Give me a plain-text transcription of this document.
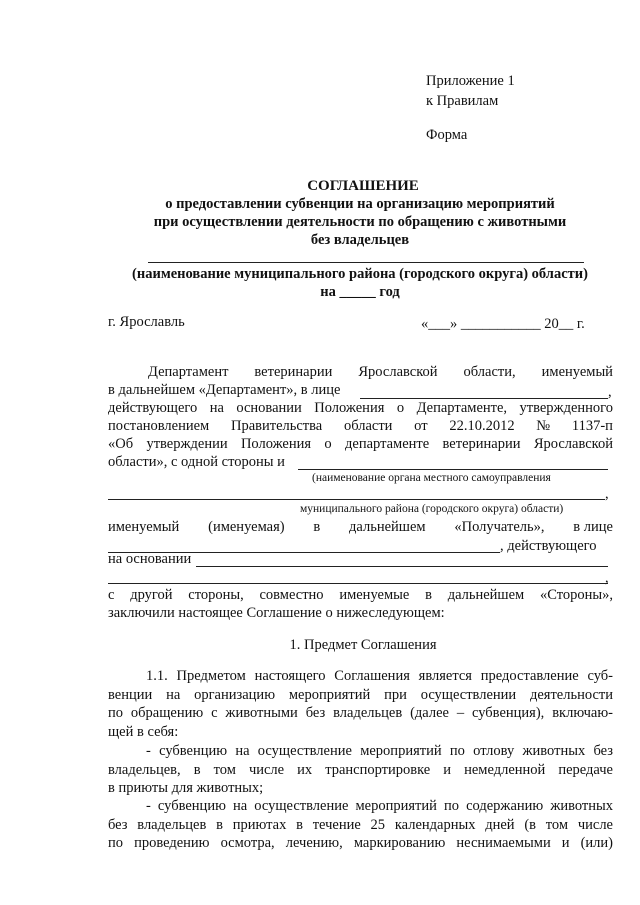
Приложение 1
к Правилам
Форма
СОГЛАШЕНИЕ
о предоставлении субвенции на организацию мероприятий
при осуществлении деятельности по обращению с животными
без владельцев
(наименование муниципального района (городского округа) области)
на _____ год
г. Ярославль	«___» ___________ 20__ г.
Департамент ветеринарии Ярославской области, именуемый
в дальнейшем «Департамент», в лице	,
действующего на основании Положения о Департаменте, утвержденного
постановлением Правительства области от 22.10.2012 № 1137-п
«Об утверждении Положения о департаменте ветеринарии Ярославской
области», с одной стороны и
(наименование органа местного самоуправления
,
муниципального района (городского округа) области)
именуемый (именуемая) в дальнейшем «Получатель», в лице
, действующего
на основании
,
с другой стороны, совместно именуемые в дальнейшем «Стороны»,
заключили настоящее Соглашение о нижеследующем:
1. Предмет Соглашения
1.1. Предметом настоящего Соглашения является предоставление суб-
венции на организацию мероприятий при осуществлении деятельности
по обращению с животными без владельцев (далее – субвенция), включаю-
щей в себя:
- субвенцию на осуществление мероприятий по отлову животных без
владельцев, в том числе их транспортировке и немедленной передаче
в приюты для животных;
- субвенцию на осуществление мероприятий по содержанию животных
без владельцев в приютах в течение 25 календарных дней (в том числе
по проведению осмотра, лечению, маркированию неснимаемыми и (или)
